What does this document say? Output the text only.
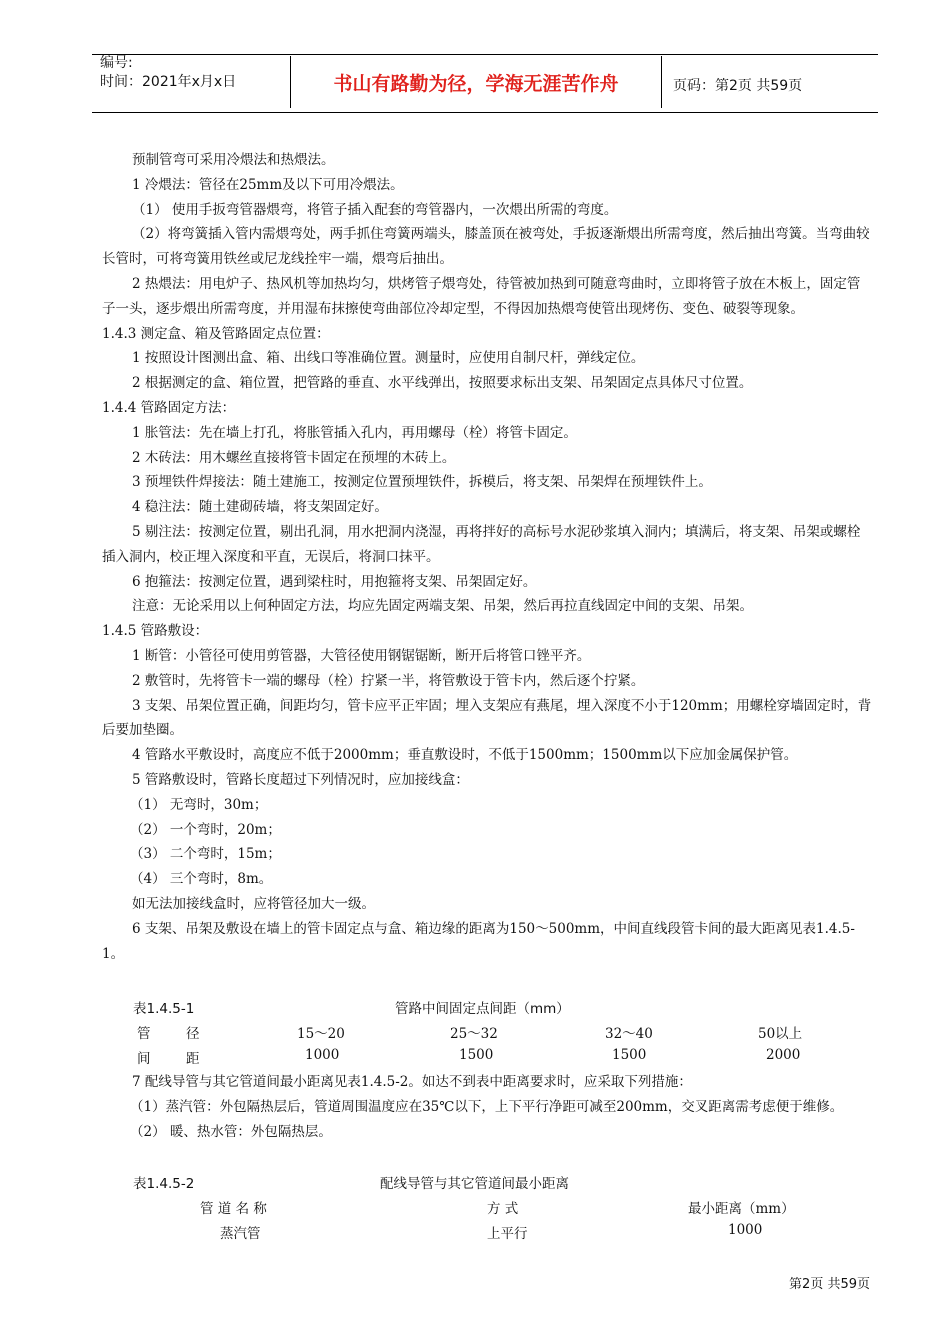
编号:
时间：2021年x月x日	书山有路勤为径，学海无涯苦作舟	页码：第2页 共59页

预制管弯可采用冷煨法和热煨法。

1 冷煨法：管径在25mm及以下可用冷煨法。

（1） 使用手扳弯管器煨弯，将管子插入配套的弯管器内，一次煨出所需的弯度。

（2）将弯簧插入管内需煨弯处，两手抓住弯簧两端头，膝盖顶在被弯处，手扳逐渐煨出所需弯度，然后抽出弯簧。当弯曲较长管时，可将弯簧用铁丝或尼龙线拴牢一端，煨弯后抽出。

2 热煨法：用电炉子、热风机等加热均匀，烘烤管子煨弯处，待管被加热到可随意弯曲时，立即将管子放在木板上，固定管子一头，逐步煨出所需弯度，并用湿布抹擦使弯曲部位冷却定型，不得因加热煨弯使管出现烤伤、变色、破裂等现象。

1.4.3 测定盒、箱及管路固定点位置：

1 按照设计图测出盒、箱、出线口等准确位置。测量时，应使用自制尺杆，弹线定位。

2 根据测定的盒、箱位置，把管路的垂直、水平线弹出，按照要求标出支架、吊架固定点具体尺寸位置。

1.4.4 管路固定方法：

1 胀管法：先在墙上打孔，将胀管插入孔内，再用螺母（栓）将管卡固定。

2 木砖法：用木螺丝直接将管卡固定在预埋的木砖上。

3 预埋铁件焊接法：随土建施工，按测定位置预埋铁件，拆模后，将支架、吊架焊在预埋铁件上。

4 稳注法：随土建砌砖墙，将支架固定好。

5 剔注法：按测定位置，剔出孔洞，用水把洞内浇湿，再将拌好的高标号水泥砂浆填入洞内；填满后，将支架、吊架或螺栓插入洞内，校正埋入深度和平直，无误后，将洞口抹平。

6 抱箍法：按测定位置，遇到梁柱时，用抱箍将支架、吊架固定好。

注意：无论采用以上何种固定方法，均应先固定两端支架、吊架，然后再拉直线固定中间的支架、吊架。

1.4.5 管路敷设：

1 断管：小管径可使用剪管器，大管径使用钢锯锯断，断开后将管口锉平齐。

2 敷管时，先将管卡一端的螺母（栓）拧紧一半，将管敷设于管卡内，然后逐个拧紧。

3 支架、吊架位置正确，间距均匀，管卡应平正牢固；埋入支架应有燕尾，埋入深度不小于120mm；用螺栓穿墙固定时，背后要加垫圈。

4 管路水平敷设时，高度应不低于2000mm；垂直敷设时，不低于1500mm；1500mm以下应加金属保护管。

5 管路敷设时，管路长度超过下列情况时，应加接线盒：

（1） 无弯时，30m；

（2） 一个弯时，20m；

（3） 二个弯时，15m；

（4） 三个弯时，8m。

如无法加接线盒时，应将管径加大一级。

6 支架、吊架及敷设在墙上的管卡固定点与盒、箱边缘的距离为150～500mm，中间直线段管卡间的最大距离见表1.4.5-1。

表1.4.5-1	管路中间固定点间距（mm）
管	径	15～20	25～32	32～40	50以上
间	距	1000	1500	1500	2000

7 配线导管与其它管道间最小距离见表1.4.5-2。如达不到表中距离要求时，应采取下列措施：

（1）蒸汽管：外包隔热层后，管道周围温度应在35℃以下，上下平行净距可减至200mm，交叉距离需考虑便于维修。

（2） 暖、热水管：外包隔热层。

表1.4.5-2	配线导管与其它管道间最小距离
管 道 名 称	方 式	最小距离（mm）
蒸汽管	上平行	1000
第2页 共59页
